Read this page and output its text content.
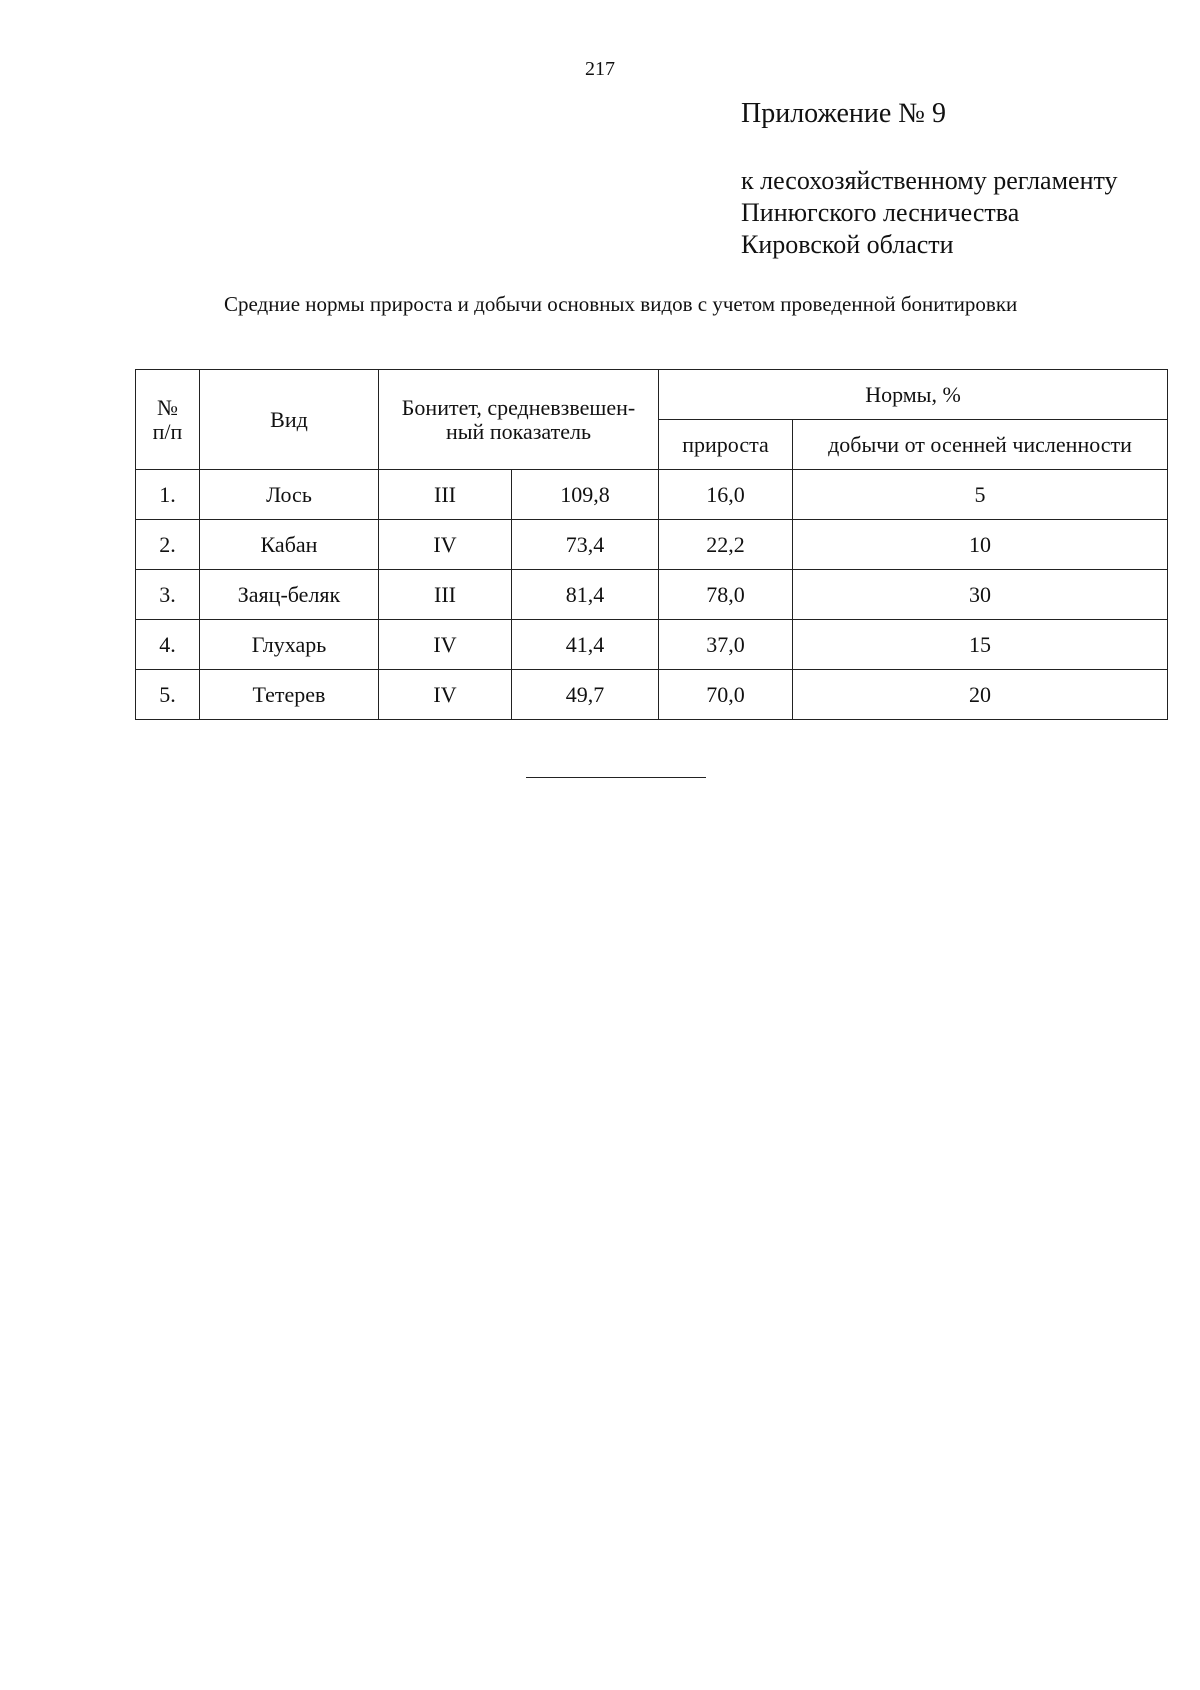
217
Приложение № 9
к лесохозяйственному регламенту
Пинюгского лесничества
Кировской области
Средние нормы прироста и добычи основных видов с учетом проведенной бонитировки
№ п/п	Вид	Бонитет, средневзвешен-ный показатель		Нормы, %	
				прироста	добычи от осенней численности
1.	Лось	III	109,8	16,0	5
2.	Кабан	IV	73,4	22,2	10
3.	Заяц-беляк	III	81,4	78,0	30
4.	Глухарь	IV	41,4	37,0	15
5.	Тетерев	IV	49,7	70,0	20
